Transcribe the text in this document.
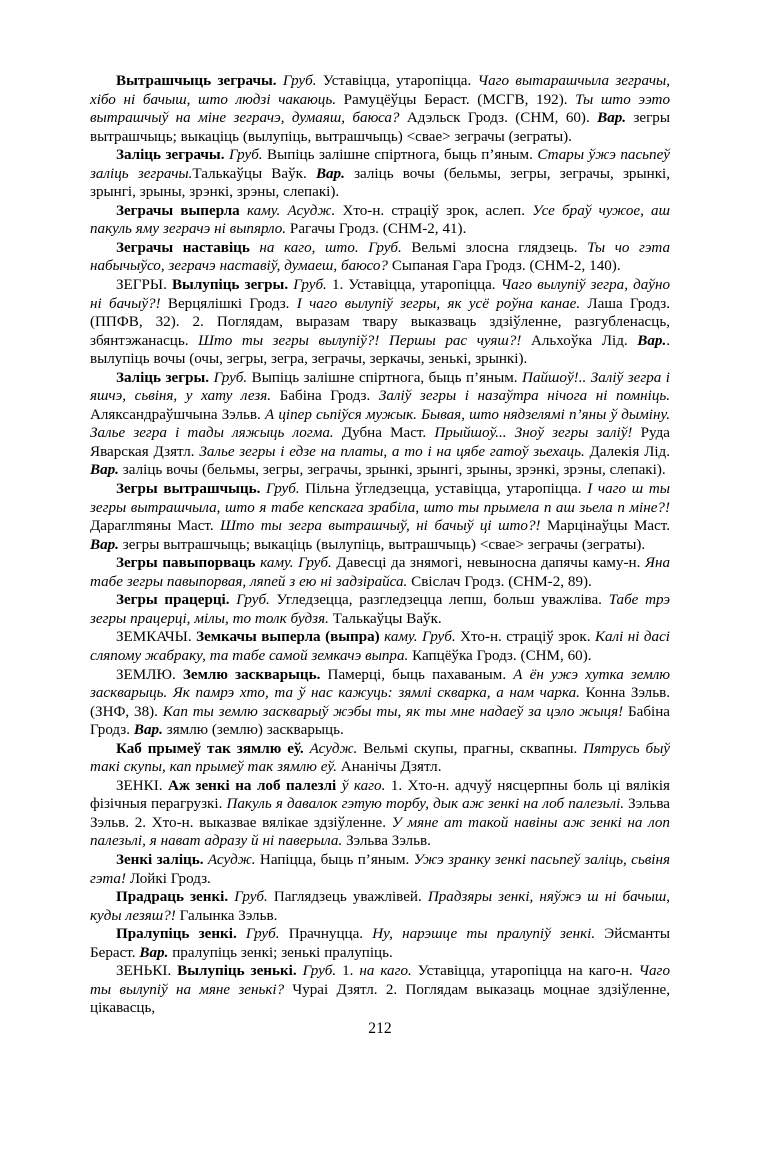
Вытрашчыць зеграчы. Груб. Уставіцца, утаропіцца. Чаго вытарашчыла зеграчы, хібо ні бачыш, што людзі чакаюць. Рамуцёўцы Бераст. (МСГВ, 192). Ты што ээто вытрашчыў на міне зеграчэ, думаяш, баюса? Адэльск Гродз. (СНМ, 60). Вар. зегры вытрашчыць; выкаціць (вылупіць, вытрашчыць) <свае> зеграчы (зеграты).

Заліць зеграчы. Груб. Выпіць залішне спіртнога, быць п’яным. Стары ўжэ пасьпеў заліць зеграчы.Талькаўцы Ваўк. Вар. заліць вочы (бельмы, зегры, зеграчы, зрынкі, зрынгі, зрыны, зрэнкі, зрэны, слепакі).

Зеграчы выперла каму. Асудж. Хто-н. страціў зрок, аслеп. Усе браў чужое, аш пакуль яму зеграчэ ні выпярло. Рагачы Гродз. (СНМ-2, 41).

Зеграчы наставіць на каго, што. Груб. Вельмі злосна глядзець. Ты чо гэта набычыўсо, зеграчэ наставіў, думаеш, баюсо? Сыпаная Гара Гродз. (СНМ-2, 140).

ЗЕГРЫ. Вылупіць зегры. Груб. 1. Уставіцца, утаропіцца. Чаго вылупіў зегра, даўно ні бачыў?! Верцялішкі Гродз. І чаго вылупіў зегры, як усё роўна канае. Лаша Гродз. (ППФВ, 32). 2. Поглядам, выразам твару выказваць здзіўленне, разгубленасць, збянтэжанасць. Што ты зегры вылупіў?! Першы рас чуяш?! Альхоўка Лід. Вар.. вылупіць вочы (очы, зегры, зегра, зеграчы, зеркачы, зенькі, зрынкі).

Заліць зегры. Груб. Выпіць залішне спіртнога, быць п’яным. Пайшоў!.. Заліў зегра і яшчэ, сьвіня, у хату лезя. Бабіна Гродз. Заліў зегры і назаўтра нічога ні помніць. Аляксандраўшчына Зэльв. А ціпер сьпіўся мужык. Бывая, што нядзелямі п’яны ў дыміну. Залье зегра і тады ляжыць логма. Дубна Маст. Прыйшоў... Зноў зегры заліў! Руда Яварская Дзятл. Залье зегры і едзе на платы, а то і на цябе гатоў зьехаць. Далекія Лід. Вар. заліць вочы (бельмы, зегры, зегрaчы, зрынкі, зрынгі, зрыны, зрэнкі, зрэны, слепакі).

Зегры вытрашчыць. Груб. Пільна ўгледзецца, уставіцца, утаропіцца. І чаго ш ты зегры вытрашчыла, што я табе кепскага зрабіла, што ты прымела п аш зьела п міне?! Дараглmяны Маст. Што ты зегра вытрашчыў, ні бачыў ці што?! Марцінаўцы Маст. Вар. зегры вытрашчыць; выкаціць (вылупіць, вытрашчыць) <свае> зеграчы (зеграты).

Зегры павыпорваць каму. Груб. Давесці да знямогі, невыносна дапячы каму-н. Яна табе зегры павыпорвая, ляпей з ею ні задзірайса. Свіслач Гродз. (СНМ-2, 89).

Зегры працерці. Груб. Угледзецца, разгледзецца лепш, больш уважліва. Табе трэ зегры працерці, мілы, то толк будзя. Талькаўцы Ваўк.

ЗЕМКАЧЫ. Земкачы выперла (выпра) каму. Груб. Хто-н. страціў зрок. Калі ні дасі сляпому жабраку, та табе самой земкачэ выпра. Капцёўка Гродз. (СНМ, 60).

ЗЕМЛЮ. Землю засквaрыць. Памерці, быць пахаваным. А ён ужэ хутка землю засквaрыць. Як памрэ хто, та ў нас кажуць: зямлі скварка, а нам чарка. Конна Зэльв. (ЗНФ, 38). Кап ты землю засквaрыў жэбы ты, як ты мне надаеў за цэло жыця! Бабіна Гродз. Вар. зямлю (землю) засквaрыць.

Каб прымеў так зямлю еў. Асудж. Вельмі скупы, прагны, сквапны. Пятрусь быў такі скупы, кап прымеў так зямлю еў. Ананічы Дзятл.

ЗЕНКІ. Аж зенкі на лоб палезлі ў каго. 1. Хто-н. адчуў нясцерпны боль ці вялікія фізічныя перагрузкі. Пакуль я давалок гэтую торбу, дык аж зенкі на лоб палезьлі. Зэльва Зэльв. 2. Хто-н. выказвае вялікае здзіўленне. У мяне ат такой навіны аж зенкі на лоп палезьлі, я нават адразу й ні паверыла. Зэльва Зэльв.

Зенкі заліць. Асудж. Напіцца, быць п’яным. Ужэ зранку зенкі пасьпеў заліць, сьвіня гэта! Лойкі Гродз.

Прадраць зенкі. Груб. Паглядзець уважлівей. Прадзяры зенкі, няўжэ ш ні бачыш, куды лезяш?! Галынка Зэльв.

Пралупіць зенкі. Груб. Прачнуцца. Ну, нарэшце ты пралупіў зенкі. Эйсманты Бераст. Вар. пралупіць зенкі; зенькі пралупіць.

ЗЕНЬКІ. Вылупіць зенькі. Груб. 1. на каго. Уставіцца, утаропіцца на каго-н. Чаго ты вылупіў на мяне зенькі? Чураі Дзятл. 2. Поглядам выказаць моцнае здзіўленне, цікавасць,

212
